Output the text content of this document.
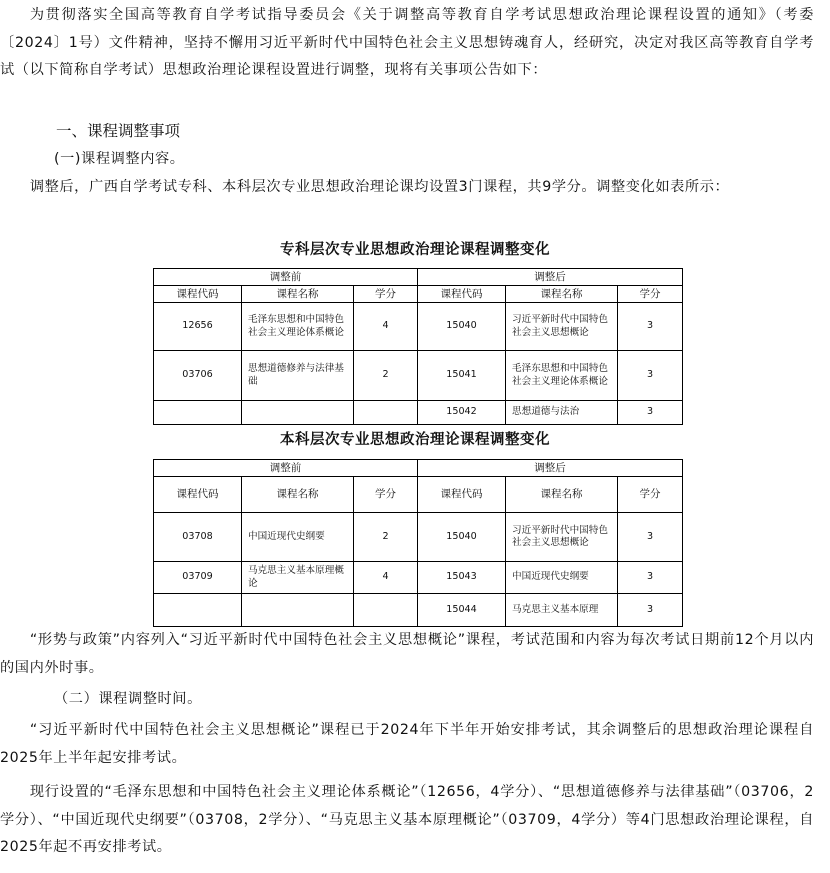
为贯彻落实全国高等教育自学考试指导委员会《关于调整高等教育自学考试思想政治理论课程设置的通知》（考委〔2024〕1号）文件精神，坚持不懈用习近平新时代中国特色社会主义思想铸魂育人，经研究，决定对我区高等教育自学考试（以下简称自学考试）思想政治理论课程设置进行调整，现将有关事项公告如下：

一、课程调整事项
(一)课程调整内容。

调整后，广西自学考试专科、本科层次专业思想政治理论课均设置3门课程，共9学分。调整变化如表所示：

专科层次专业思想政治理论课程调整变化
调整前			调整后		
课程代码	课程名称	学分	课程代码	课程名称	学分
12656	毛泽东思想和中国特色社会主义理论体系概论	4	15040	习近平新时代中国特色社会主义思想概论	3
03706	思想道德修养与法律基础	2	15041	毛泽东思想和中国特色社会主义理论体系概论	3
			15042	思想道德与法治	3
本科层次专业思想政治理论课程调整变化
调整前			调整后		
课程代码	课程名称	学分	课程代码	课程名称	学分
03708	中国近现代史纲要	2	15040	习近平新时代中国特色社会主义思想概论	3
03709	马克思主义基本原理概论	4	15043	中国近现代史纲要	3
			15044	马克思主义基本原理	3

“形势与政策”内容列入“习近平新时代中国特色社会主义思想概论”课程，考试范围和内容为每次考试日期前12个月以内的国内外时事。

（二）课程调整时间。

“习近平新时代中国特色社会主义思想概论”课程已于2024年下半年开始安排考试，其余调整后的思想政治理论课程自2025年上半年起安排考试。

现行设置的“毛泽东思想和中国特色社会主义理论体系概论”（12656，4学分）、“思想道德修养与法律基础”（03706，2学分）、“中国近现代史纲要”（03708，2学分）、“马克思主义基本原理概论”（03709，4学分）等4门思想政治理论课程，自2025年起不再安排考试。
